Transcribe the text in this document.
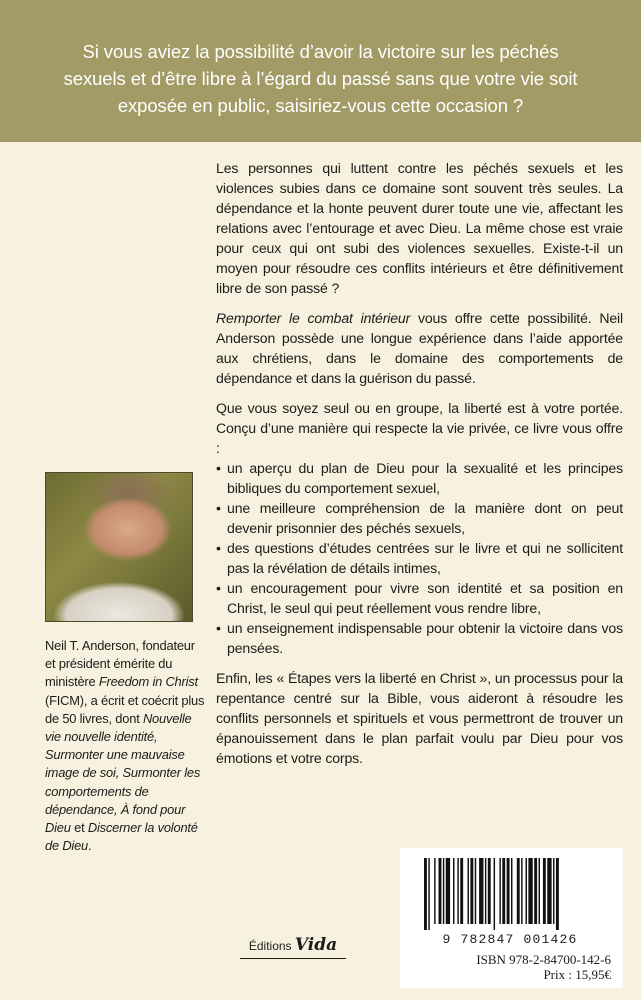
Si vous aviez la possibilité d’avoir la victoire sur les péchés
sexuels et d’être libre à l’égard du passé sans que votre vie soit
exposée en public, saisiriez-vous cette occasion ?

Les personnes qui luttent contre les péchés sexuels et les violences subies dans ce domaine sont souvent très seules. La dépendance et la honte peuvent durer toute une vie, affectant les relations avec l’entourage et avec Dieu. La même chose est vraie pour ceux qui ont subi des violences sexuelles. Existe-t-il un moyen pour résoudre ces conflits intérieurs et être définitivement libre de son passé ?

Remporter le combat intérieur vous offre cette possibilité. Neil Anderson possède une longue expérience dans l’aide apportée aux chrétiens, dans le domaine des comportements de dépendance et dans la guérison du passé.

Que vous soyez seul ou en groupe, la liberté est à votre portée. Conçu d’une manière qui respecte la vie privée, ce livre vous offre :

• un aperçu du plan de Dieu pour la sexualité et les principes bibliques du comportement sexuel,
• une meilleure compréhension de la manière dont on peut devenir prisonnier des péchés sexuels,
• des questions d’études centrées sur le livre et qui ne sollicitent pas la révélation de détails intimes,
• un encouragement pour vivre son identité et sa position en Christ, le seul qui peut réellement vous rendre libre,
• un enseignement indispensable pour obtenir la victoire dans vos pensées.

Enfin, les « Étapes vers la liberté en Christ », un processus pour la repentance centré sur la Bible, vous aideront à résoudre les conflits personnels et spirituels et vous permettront de trouver un épanouissement dans le plan parfait voulu par Dieu pour vos émotions et votre corps.

Neil T. Anderson, fondateur et président émérite du ministère Freedom in Christ (FICM), a écrit et coécrit plus de 50 livres, dont Nouvelle vie nouvelle identité, Surmonter une mauvaise image de soi, Surmonter les comportements de dépendance, À fond pour Dieu et Discerner la volonté de Dieu.
Éditions Vida	9 782847 001426
ISBN 978-2-84700-142-6
Prix : 15,95€
